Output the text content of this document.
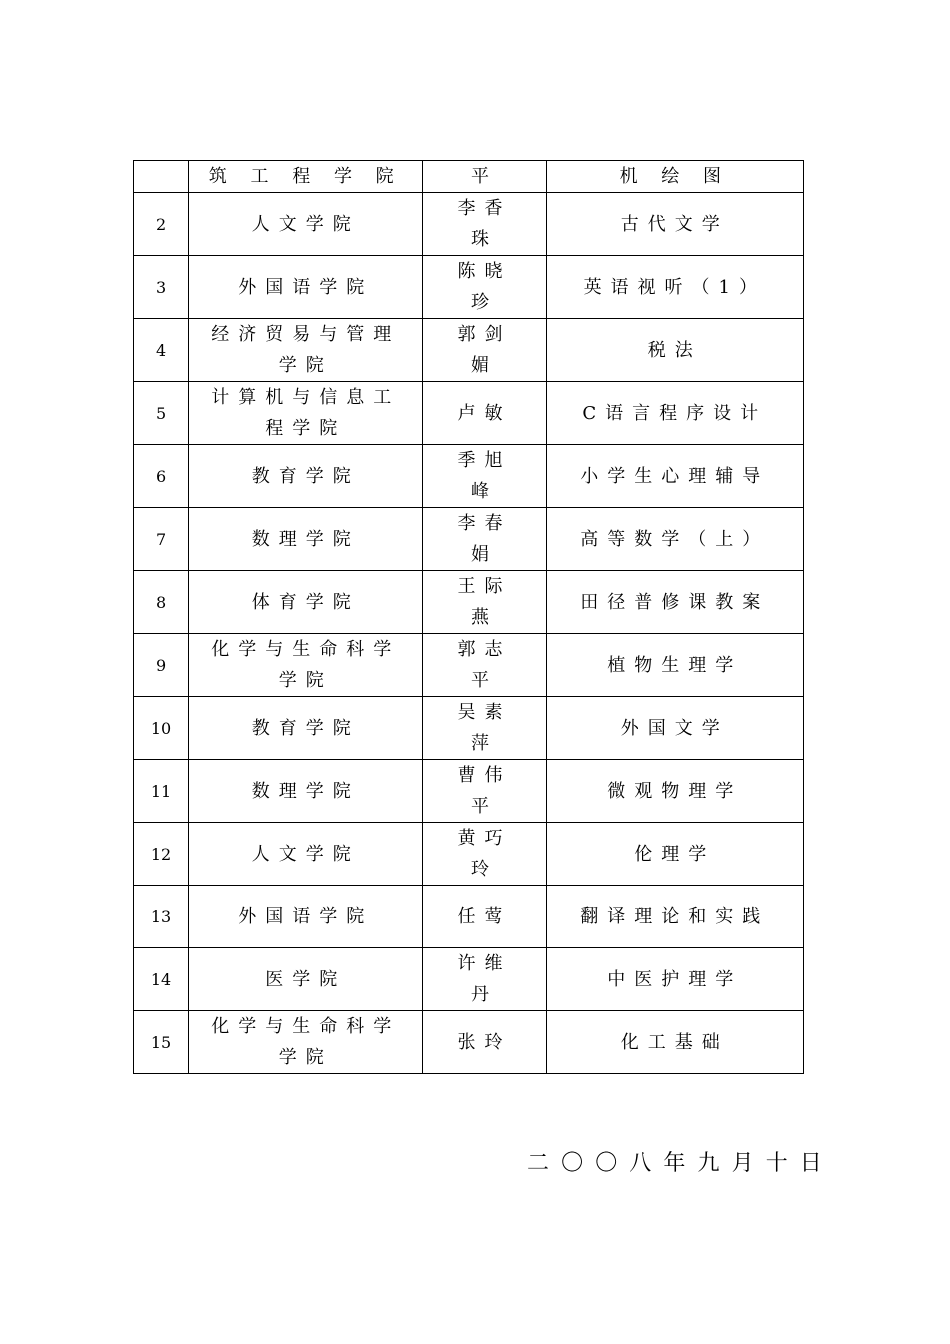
	筑 工 程 学 院	平	机 绘 图
2	人文学院	李香珠	古代文学
3	外国语学院	陈晓珍	英语视听（1）
4	经济贸易与管理学院	郭剑媚	税法
5	计算机与信息工程学院	卢敏	C语言程序设计
6	教育学院	季旭峰	小学生心理辅导
7	数理学院	李春娟	高等数学（上）
8	体育学院	王际燕	田径普修课教案
9	化学与生命科学学院	郭志平	植物生理学
10	教育学院	吴素萍	外国文学
11	数理学院	曹伟平	微观物理学
12	人文学院	黄巧玲	伦理学
13	外国语学院	任莺	翻译理论和实践
14	医学院	许维丹	中医护理学
15	化学与生命科学学院	张玲	化工基础
二〇〇八年九月十日
